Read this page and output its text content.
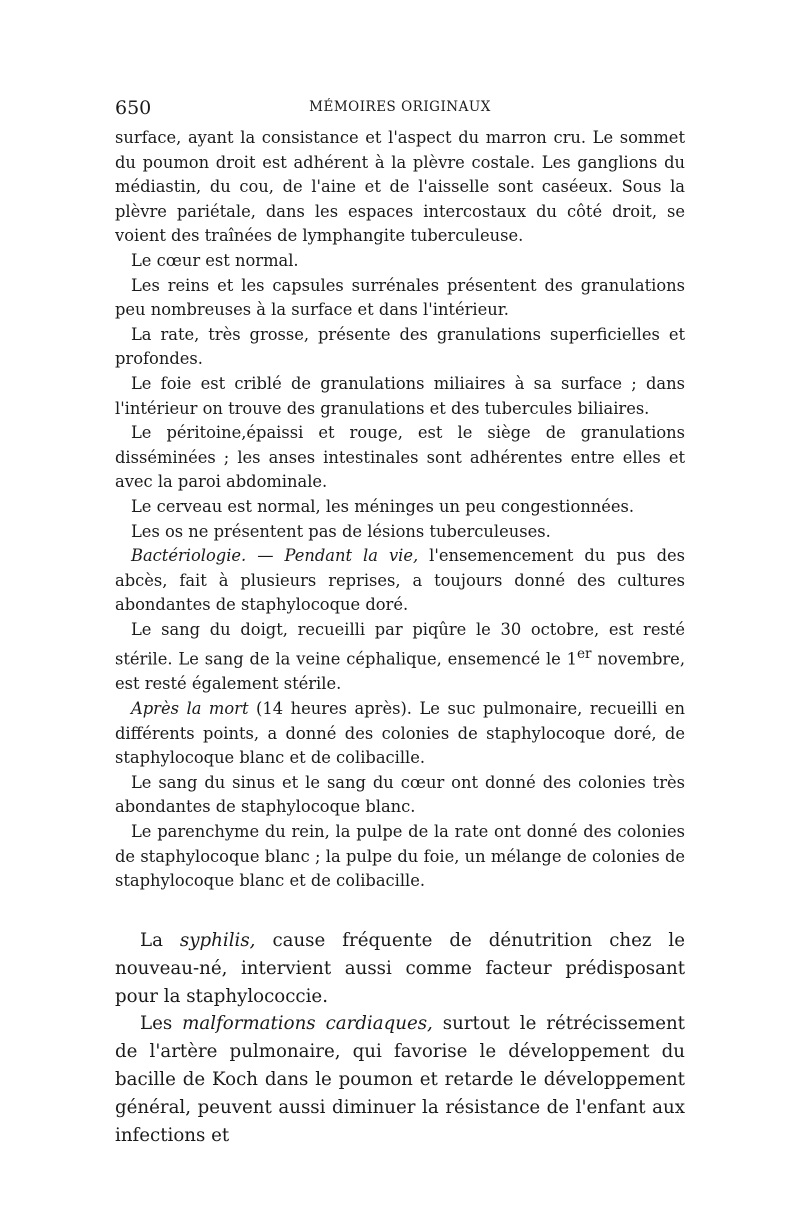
650	MÉMOIRES ORIGINAUX

surface, ayant la consistance et l'aspect du marron cru. Le sommet du poumon droit est adhérent à la plèvre costale. Les ganglions du médiastin, du cou, de l'aine et de l'aisselle sont caséeux. Sous la plèvre pariétale, dans les espaces intercostaux du côté droit, se voient des traînées de lymphangite tuberculeuse.

Le cœur est normal.

Les reins et les capsules surrénales présentent des granulations peu nombreuses à la surface et dans l'intérieur.

La rate, très grosse, présente des granulations superficielles et profondes.

Le foie est criblé de granulations miliaires à sa surface ; dans l'intérieur on trouve des granulations et des tubercules biliaires.

Le péritoine,épaissi et rouge, est le siège de granulations disséminées ; les anses intestinales sont adhérentes entre elles et avec la paroi abdominale.

Le cerveau est normal, les méninges un peu congestionnées.

Les os ne présentent pas de lésions tuberculeuses.

Bactériologie. — Pendant la vie, l'ensemencement du pus des abcès, fait à plusieurs reprises, a toujours donné des cultures abondantes de staphylocoque doré.

Le sang du doigt, recueilli par piqûre le 30 octobre, est resté stérile. Le sang de la veine céphalique, ensemencé le 1er novembre, est resté également stérile.

Après la mort (14 heures après). Le suc pulmonaire, recueilli en différents points, a donné des colonies de staphylocoque doré, de staphylocoque blanc et de colibacille.

Le sang du sinus et le sang du cœur ont donné des colonies très abondantes de staphylocoque blanc.

Le parenchyme du rein, la pulpe de la rate ont donné des colonies de staphylocoque blanc ; la pulpe du foie, un mélange de colonies de staphylocoque blanc et de colibacille.

La syphilis, cause fréquente de dénutrition chez le nouveau-né, intervient aussi comme facteur prédisposant pour la staphylococcie.

Les malformations cardiaques, surtout le rétrécissement de l'artère pulmonaire, qui favorise le développement du bacille de Koch dans le poumon et retarde le développement général, peuvent aussi diminuer la résistance de l'enfant aux infections et
